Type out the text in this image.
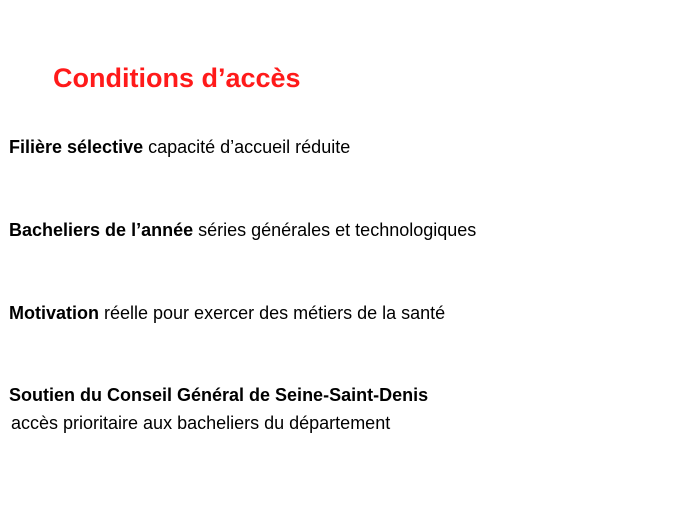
Conditions d’accès
Filière sélective capacité d’accueil réduite
Bacheliers de l’année séries générales et technologiques
Motivation réelle pour exercer des métiers de la santé
Soutien du Conseil Général de Seine-Saint-Denis
accès prioritaire aux bacheliers du département
